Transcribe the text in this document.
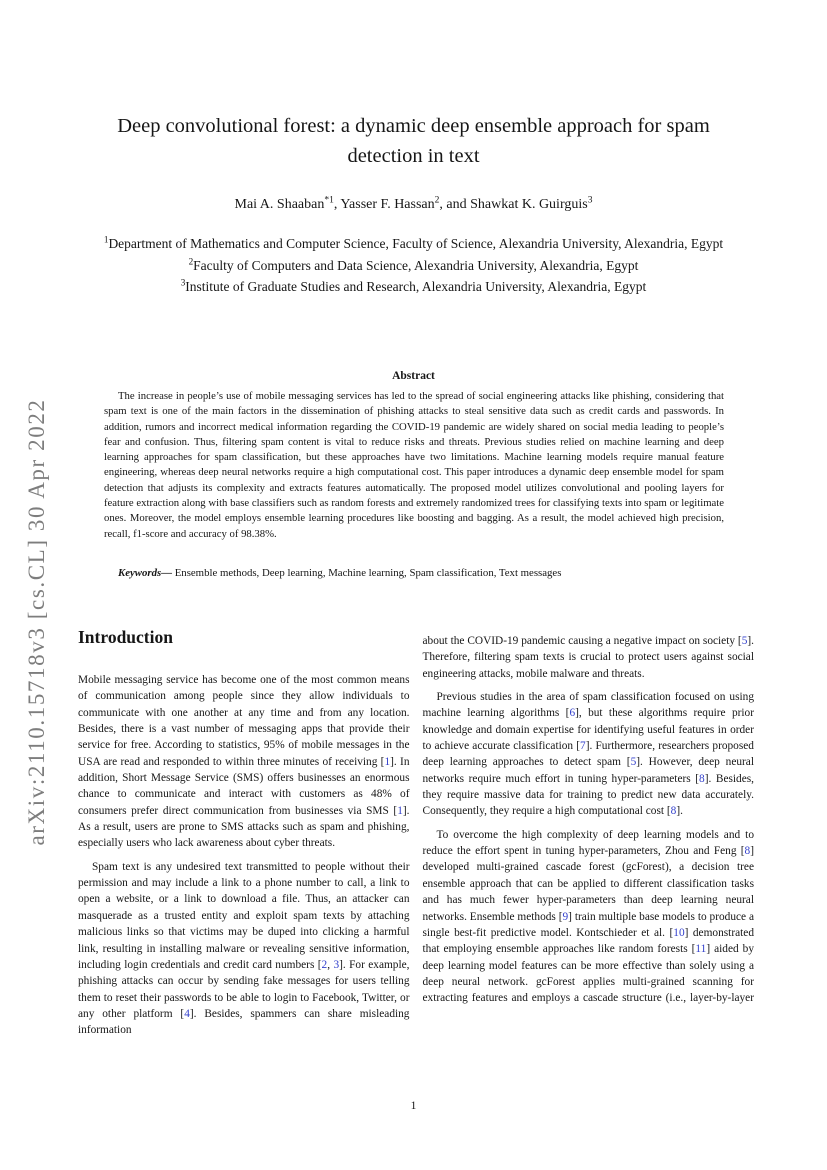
arXiv:2110.15718v3 [cs.CL] 30 Apr 2022
Deep convolutional forest: a dynamic deep ensemble approach for spam detection in text
Mai A. Shaaban$^{*1}$, Yasser F. Hassan$^2$, and Shawkat K. Guirguis$^3$
$^1$Department of Mathematics and Computer Science, Faculty of Science, Alexandria University, Alexandria, Egypt
$^2$Faculty of Computers and Data Science, Alexandria University, Alexandria, Egypt
$^3$Institute of Graduate Studies and Research, Alexandria University, Alexandria, Egypt
Abstract

The increase in people’s use of mobile messaging services has led to the spread of social engineering attacks like phishing, considering that spam text is one of the main factors in the dissemination of phishing attacks to steal sensitive data such as credit cards and passwords. In addition, rumors and incorrect medical information regarding the COVID-19 pandemic are widely shared on social media leading to people’s fear and confusion. Thus, filtering spam content is vital to reduce risks and threats. Previous studies relied on machine learning and deep learning approaches for spam classification, but these approaches have two limitations. Machine learning models require manual feature engineering, whereas deep neural networks require a high computational cost. This paper introduces a dynamic deep ensemble model for spam detection that adjusts its complexity and extracts features automatically. The proposed model utilizes convolutional and pooling layers for feature extraction along with base classifiers such as random forests and extremely randomized trees for classifying texts into spam or legitimate ones. Moreover, the model employs ensemble learning procedures like boosting and bagging. As a result, the model achieved high precision, recall, f1-score and accuracy of 98.38%.

Keywords— Ensemble methods, Deep learning, Machine learning, Spam classification, Text messages

Introduction

Mobile messaging service has become one of the most common means of communication among people since they allow individuals to communicate with one another at any time and from any location. Besides, there is a vast number of messaging apps that provide their service for free. According to statistics, 95% of mobile messages in the USA are read and responded to within three minutes of receiving [1]. In addition, Short Message Service (SMS) offers businesses an enormous chance to communicate and interact with customers as 48% of consumers prefer direct communication from businesses via SMS [1]. As a result, users are prone to SMS attacks such as spam and phishing, especially users who lack awareness about cyber threats.

Spam text is any undesired text transmitted to people without their permission and may include a link to a phone number to call, a link to open a website, or a link to download a file. Thus, an attacker can masquerade as a trusted entity and exploit spam texts by attaching malicious links so that victims may be duped into clicking a harmful link, resulting in installing malware or revealing sensitive information, including login credentials and credit card numbers [2, 3]. For example, phishing attacks can occur by sending fake messages for users telling them to reset their passwords to be able to login to Facebook, Twitter, or any other platform [4]. Besides, spammers can share misleading information

about the COVID-19 pandemic causing a negative impact on society [5]. Therefore, filtering spam texts is crucial to protect users against social engineering attacks, mobile malware and threats.

Previous studies in the area of spam classification focused on using machine learning algorithms [6], but these algorithms require prior knowledge and domain expertise for identifying useful features in order to achieve accurate classification [7]. Furthermore, researchers proposed deep learning approaches to detect spam [5]. However, deep neural networks require much effort in tuning hyper-parameters [8]. Besides, they require massive data for training to predict new data accurately. Consequently, they require a high computational cost [8].

To overcome the high complexity of deep learning models and to reduce the effort spent in tuning hyper-parameters, Zhou and Feng [8] developed multi-grained cascade forest (gcForest), a decision tree ensemble approach that can be applied to different classification tasks and has much fewer hyper-parameters than deep learning neural networks. Ensemble methods [9] train multiple base models to produce a single best-fit predictive model. Kontschieder et al. [10] demonstrated that employing ensemble approaches like random forests [11] aided by deep learning model features can be more effective than solely using a deep neural network. gcForest applies multi-grained scanning for extracting features and employs a cascade structure (i.e., layer-by-layer

1
